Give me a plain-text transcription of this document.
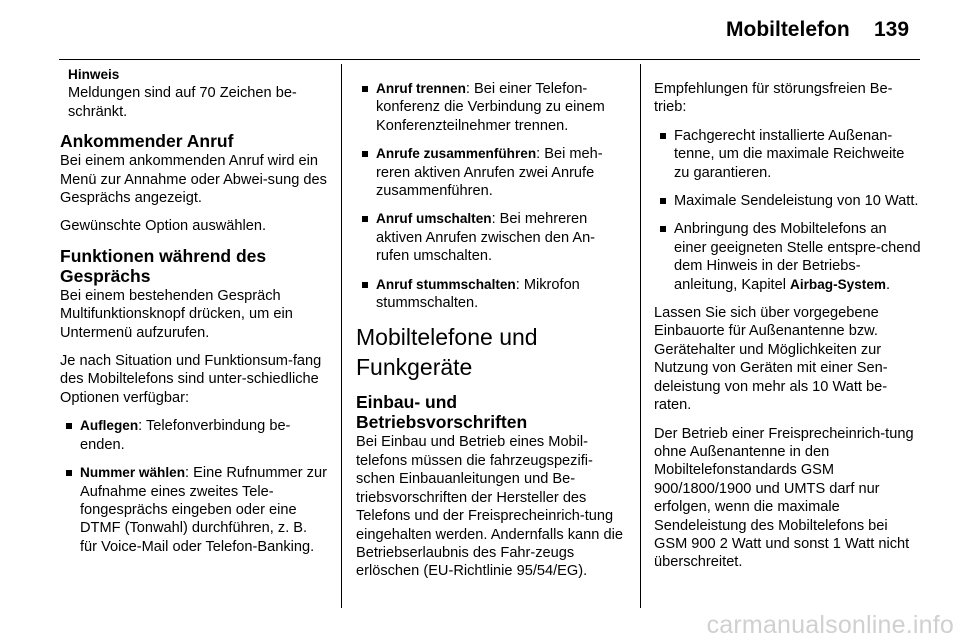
Mobiltelefon 139
Hinweis

Meldungen sind auf 70 Zeichen be-schränkt.

Ankommender Anruf

Bei einem ankommenden Anruf wird ein Menü zur Annahme oder Abwei-sung des Gesprächs angezeigt.

Gewünschte Option auswählen.

Funktionen während des Gesprächs

Bei einem bestehenden Gespräch Multifunktionsknopf drücken, um ein Untermenü aufzurufen.

Je nach Situation und Funktionsum-fang des Mobiltelefons sind unter-schiedliche Optionen verfügbar:

Auflegen: Telefonverbindung be-enden.
Nummer wählen: Eine Rufnummer zur Aufnahme eines zweites Tele-fongesprächs eingeben oder eine DTMF (Tonwahl) durchführen, z. B. für Voice-Mail oder Telefon-Banking.
Anruf trennen: Bei einer Telefon-konferenz die Verbindung zu einem Konferenzteilnehmer trennen.
Anrufe zusammenführen: Bei meh-reren aktiven Anrufen zwei Anrufe zusammenführen.
Anruf umschalten: Bei mehreren aktiven Anrufen zwischen den An-rufen umschalten.
Anruf stummschalten: Mikrofon stummschalten.
Mobiltelefone und Funkgeräte
Einbau- und Betriebsvorschriften

Bei Einbau und Betrieb eines Mobil-telefons müssen die fahrzeugspezifi-schen Einbauanleitungen und Be-triebsvorschriften der Hersteller des Telefons und der Freisprecheinrich-tung eingehalten werden. Andernfalls kann die Betriebserlaubnis des Fahr-zeugs erlöschen (EU-Richtlinie 95/54/EG).

Empfehlungen für störungsfreien Be-trieb:

Fachgerecht installierte Außenan-tenne, um die maximale Reichweite zu garantieren.
Maximale Sendeleistung von 10 Watt.
Anbringung des Mobiltelefons an einer geeigneten Stelle entspre-chend dem Hinweis in der Betriebs-anleitung, Kapitel Airbag-System.

Lassen Sie sich über vorgegebene Einbauorte für Außenantenne bzw. Gerätehalter und Möglichkeiten zur Nutzung von Geräten mit einer Sen-deleistung von mehr als 10 Watt be-raten.

Der Betrieb einer Freisprecheinrich-tung ohne Außenantenne in den Mobiltelefonstandards GSM 900/1800/1900 und UMTS darf nur erfolgen, wenn die maximale Sendeleistung des Mobiltelefons bei GSM 900 2 Watt und sonst 1 Watt nicht überschreitet.

carmanualsonline.info
